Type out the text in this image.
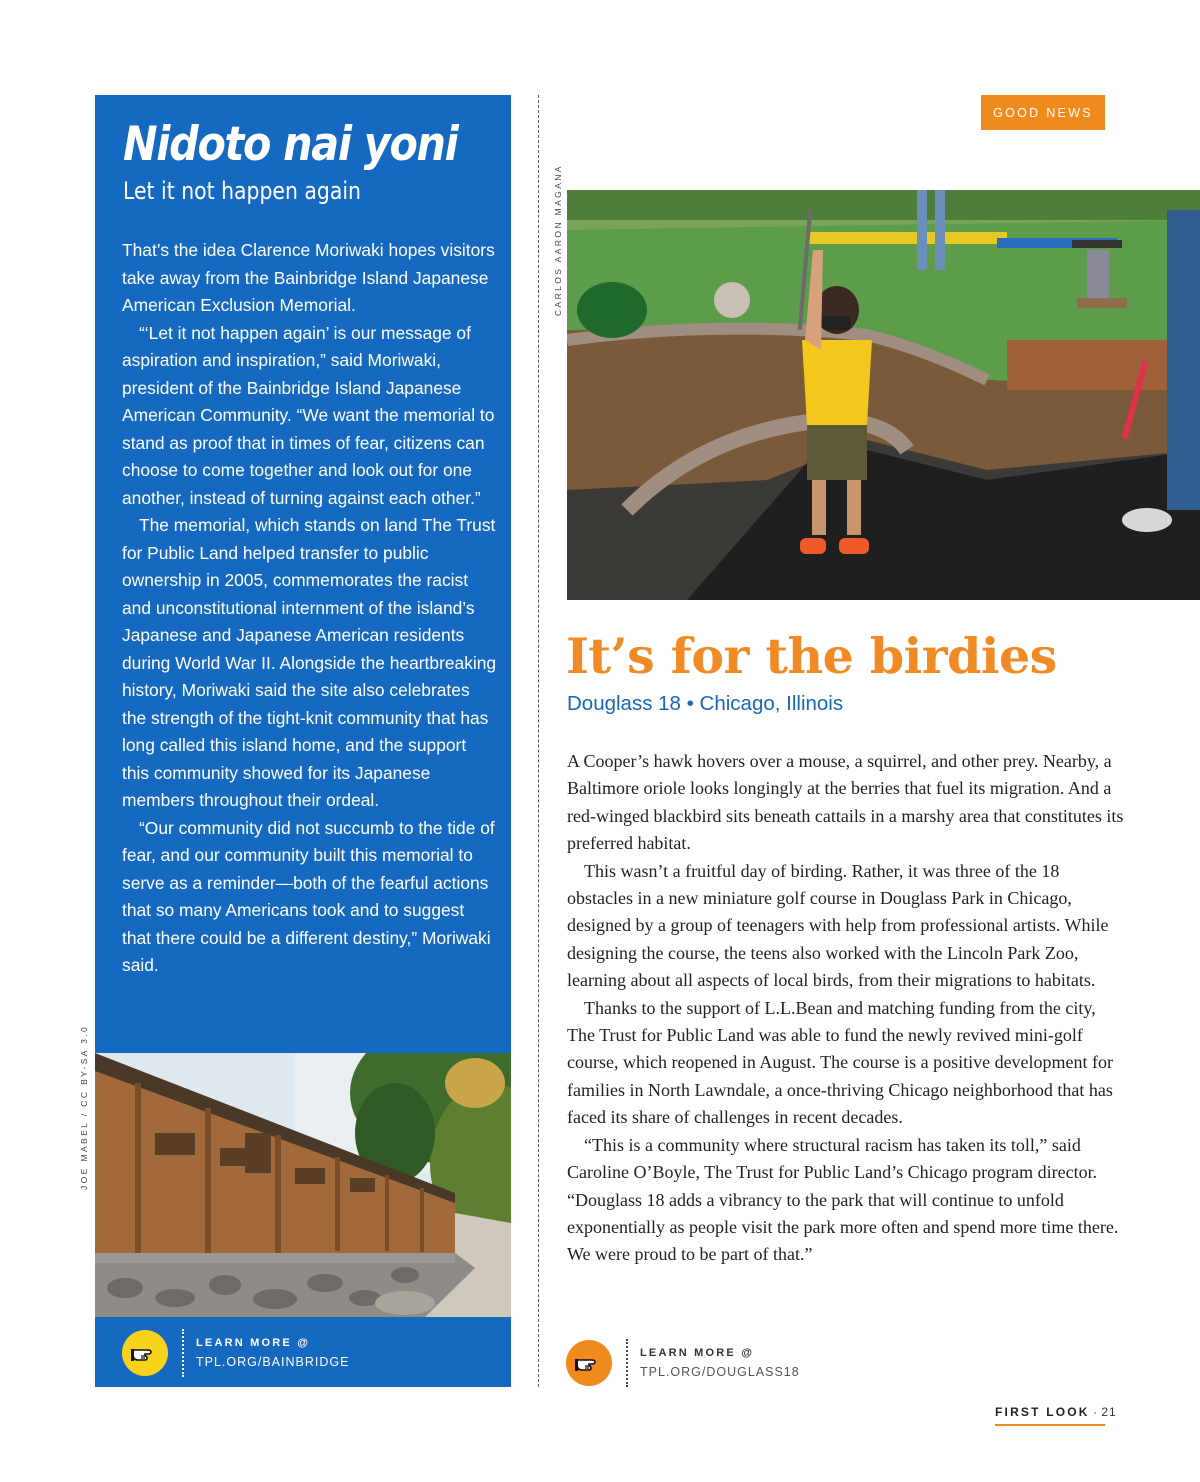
Nidoto nai yoni
Let it not happen again

That’s the idea Clarence Moriwaki hopes visitors take away from the Bainbridge Island Japanese American Exclusion Memorial.

“‘Let it not happen again’ is our message of aspiration and inspiration,” said Moriwaki, president of the Bainbridge Island Japanese American Community. “We want the memorial to stand as proof that in times of fear, citizens can choose to come together and look out for one another, instead of turning against each other.”

The memorial, which stands on land The Trust for Public Land helped transfer to public ownership in 2005, commemorates the racist and unconstitutional internment of the island’s Japanese and Japanese American residents during World War II. Alongside the heartbreaking history, Moriwaki said the site also celebrates the strength of the tight-knit community that has long called this island home, and the support this community showed for its Japanese members throughout their ordeal.

“Our community did not succumb to the tide of fear, and our community built this memorial to serve as a reminder—both of the fearful actions that so many Americans took and to suggest that there could be a different destiny,” Moriwaki said.

LEARN MORE @
TPL.ORG/BAINBRIDGE
JOE MABEL / CC BY-SA 3.0
CARLOS AARON MAGANA
GOOD NEWS
It’s for the birdies
Douglass 18 • Chicago, Illinois

A Cooper’s hawk hovers over a mouse, a squirrel, and other prey. Nearby, a Baltimore oriole looks longingly at the berries that fuel its migration. And a red-winged blackbird sits beneath cattails in a marshy area that constitutes its preferred habitat.

This wasn’t a fruitful day of birding. Rather, it was three of the 18 obstacles in a new miniature golf course in Douglass Park in Chicago, designed by a group of teenagers with help from professional artists. While designing the course, the teens also worked with the Lincoln Park Zoo, learning about all aspects of local birds, from their migrations to habitats.

Thanks to the support of L.L.Bean and matching funding from the city, The Trust for Public Land was able to fund the newly revived mini-golf course, which reopened in August. The course is a positive development for families in North Lawndale, a once-thriving Chicago neighborhood that has faced its share of challenges in recent decades.

“This is a community where structural racism has taken its toll,” said Caroline O’Boyle, The Trust for Public Land’s Chicago program director. “Douglass 18 adds a vibrancy to the park that will continue to unfold exponentially as people visit the park more often and spend more time there. We were proud to be part of that.”

LEARN MORE @
TPL.ORG/DOUGLASS18
FIRST LOOK · 21
